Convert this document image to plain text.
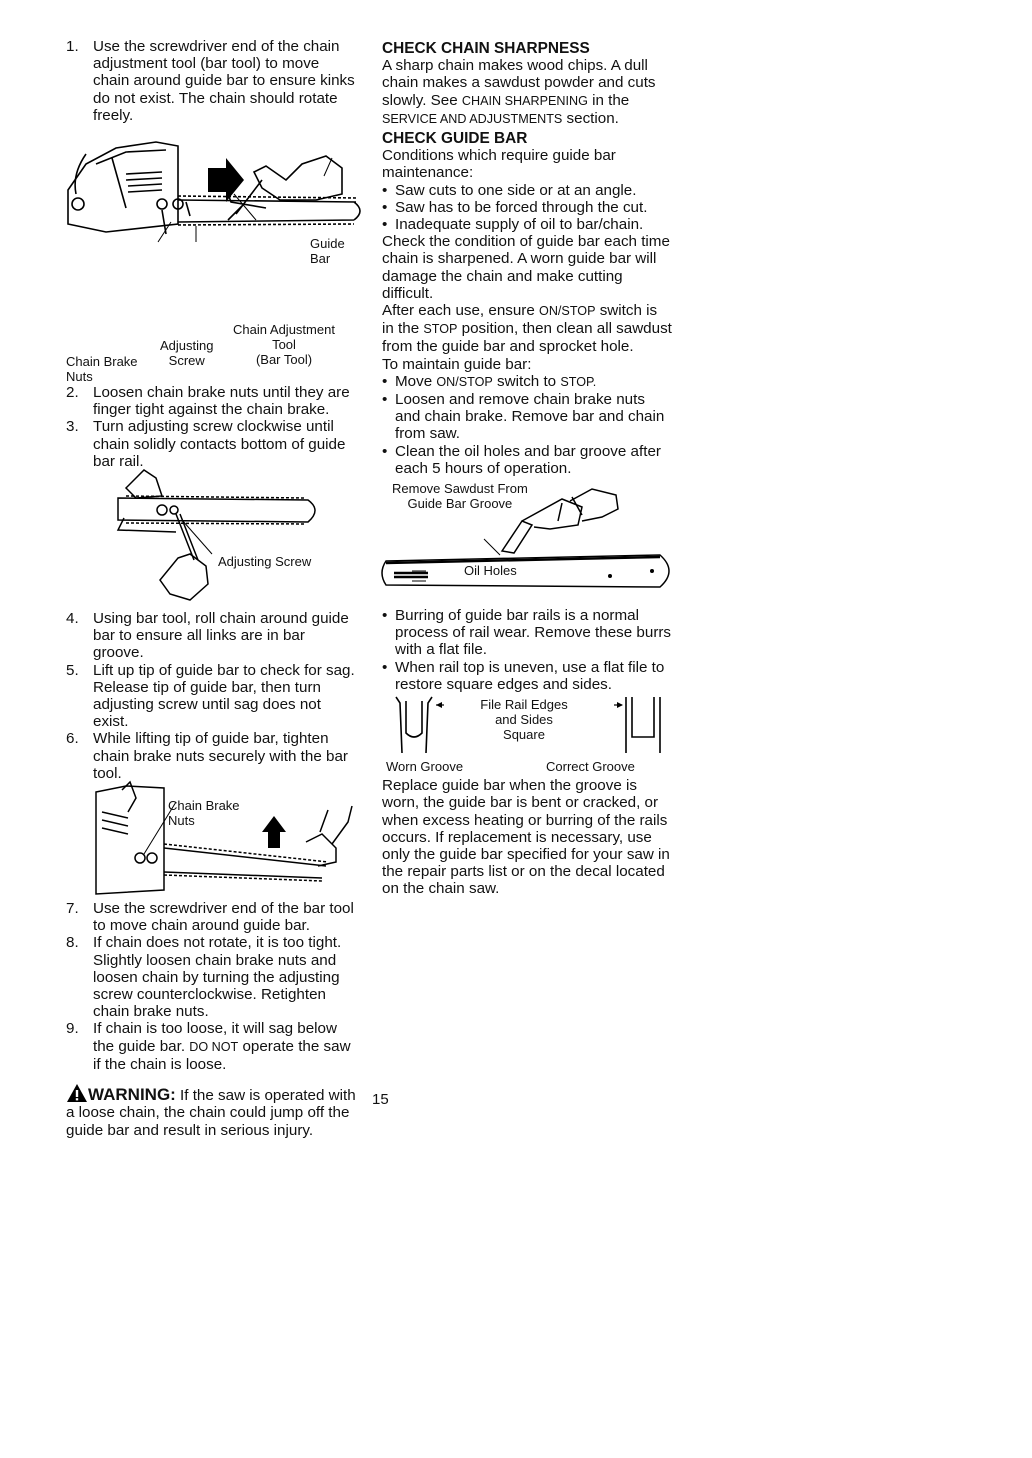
1. Use the screwdriver end of the chain adjustment tool (bar tool) to move chain around guide bar to ensure kinks do not exist. The chain should rotate freely.
Guide
Bar
Chain Adjustment
Tool
(Bar Tool)
Adjusting
Screw
Chain Brake
Nuts
2. Loosen chain brake nuts until they are finger tight against the chain brake.
3. Turn adjusting screw clockwise until chain solidly contacts bottom of guide bar rail.
Adjusting Screw
4. Using bar tool, roll chain around guide bar to ensure all links are in bar groove.
5. Lift up tip of guide bar to check for sag. Release tip of guide bar, then turn adjusting screw until sag does not exist.
6. While lifting tip of guide bar, tighten chain brake nuts securely with the bar tool.
Chain Brake
Nuts
7. Use the screwdriver end of the bar tool to move chain around guide bar.
8. If chain does not rotate, it is too tight. Slightly loosen chain brake nuts and loosen chain by turning the adjusting screw counterclockwise. Retighten chain brake nuts.
9. If chain is too loose, it will sag below the guide bar. DO NOT operate the saw if the chain is loose.
WARNING: If the saw is operated with a loose chain, the chain could jump off the guide bar and result in serious injury.
CHECK CHAIN SHARPNESS
A sharp chain makes wood chips. A dull chain makes a sawdust powder and cuts slowly. See CHAIN SHARPENING in the SERVICE AND ADJUSTMENTS section.
CHECK GUIDE BAR
Conditions which require guide bar maintenance:
• Saw cuts to one side or at an angle.
• Saw has to be forced through the cut.
• Inadequate supply of oil to bar/chain.
Check the condition of guide bar each time chain is sharpened. A worn guide bar will damage the chain and make cutting difficult.
After each use, ensure ON/STOP switch is in the STOP position, then clean all sawdust from the guide bar and sprocket hole.
To maintain guide bar:
• Move ON/STOP switch to STOP.
• Loosen and remove chain brake nuts and chain brake. Remove bar and chain from saw.
• Clean the oil holes and bar groove after each 5 hours of operation.
Remove Sawdust From
Guide Bar Groove
Oil Holes
• Burring of guide bar rails is a normal process of rail wear. Remove these burrs with a flat file.
• When rail top is uneven, use a flat file to restore square edges and sides.
File Rail Edges
and Sides
Square
Worn Groove	Correct Groove
Replace guide bar when the groove is worn, the guide bar is bent or cracked, or when excess heating or burring of the rails occurs. If replacement is necessary, use only the guide bar specified for your saw in the repair parts list or on the decal located on the chain saw.
15
